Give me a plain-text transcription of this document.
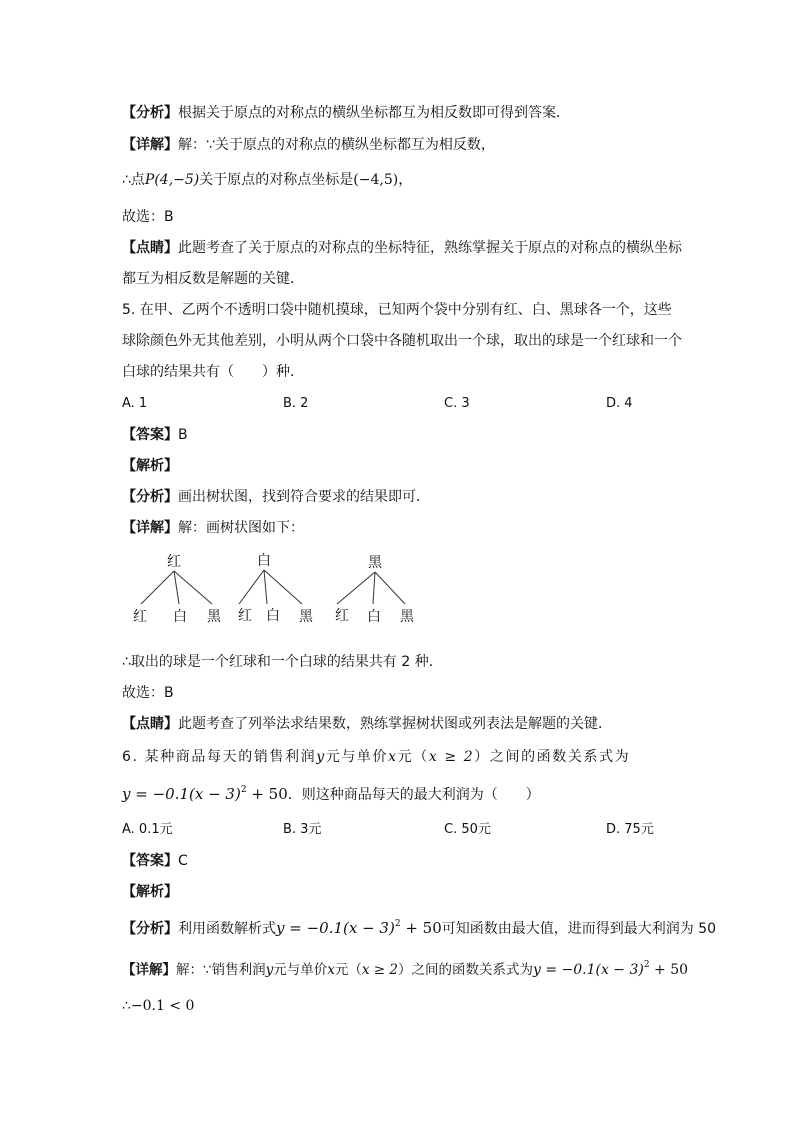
【分析】根据关于原点的对称点的横纵坐标都互为相反数即可得到答案．
【详解】解：∵关于原点的对称点的横纵坐标都互为相反数，
∴点P(4,−5)关于原点的对称点坐标是(−4,5)，
故选：B
【点睛】此题考查了关于原点的对称点的坐标特征，熟练掌握关于原点的对称点的横纵坐标
都互为相反数是解题的关键．
5. 在甲、乙两个不透明口袋中随机摸球，已知两个袋中分别有红、白、黑球各一个，这些
球除颜色外无其他差别，小明从两个口袋中各随机取出一个球，取出的球是一个红球和一个
白球的结果共有（　　）种．
A. 1	B. 2	C. 3	D. 4
【答案】B
【解析】
【分析】画出树状图，找到符合要求的结果即可．
【详解】解：画树状图如下：
红	白	黑
红 白 黑 红 白 黑 红 白 黑
∴取出的球是一个红球和一个白球的结果共有 2 种．
故选：B
【点睛】此题考查了列举法求结果数，熟练掌握树状图或列表法是解题的关键．
6. 某种商品每天的销售利润y元与单价x元（x ≥ 2）之间的函数关系式为
$y = -0.1(x - 3)^2 + 50$．则这种商品每天的最大利润为（　　）
A. 0.1元	B. 3元	C. 50元	D. 75元
【答案】C
【解析】
【分析】利用函数解析式$y = -0.1(x - 3)^2 + 50$可知函数由最大值，进而得到最大利润为 50
【详解】解：∵销售利润y元与单价x元（x ≥ 2）之间的函数关系式为$y = -0.1(x - 3)^2 + 50$
∴−0.1 < 0
